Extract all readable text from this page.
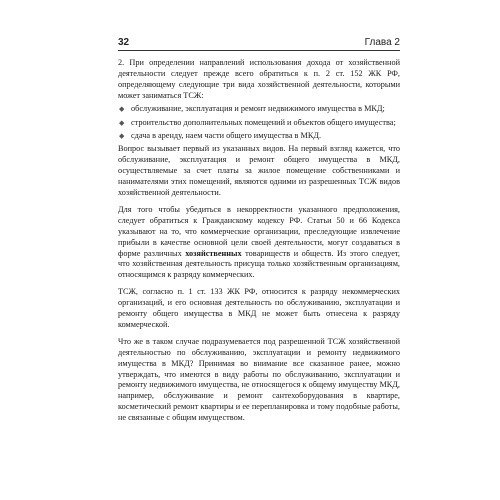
32	Глава 2

2. При определении направлений использования дохода от хозяйственной деятельности следует прежде всего обратиться к п. 2 ст. 152 ЖК РФ, определяющему следующие три вида хозяйственной деятельности, которыми может заниматься ТСЖ:

◆ обслуживание, эксплуатация и ремонт недвижимого имущества в МКД;
◆ строительство дополнительных помещений и объектов общего имущества;
◆ сдача в аренду, наем части общего имущества в МКД.

Вопрос вызывает первый из указанных видов. На первый взгляд кажется, что обслуживание, эксплуатация и ремонт общего имущества в МКД, осуществляемые за счет платы за жилое помещение собственниками и нанимателями этих помещений, являются одними из разрешенных ТСЖ видов хозяйственной деятельности.

Для того чтобы убедиться в некорректности указанного предположения, следует обратиться к Гражданскому кодексу РФ. Статьи 50 и 66 Кодекса указывают на то, что коммерческие организации, преследующие извлечение прибыли в качестве основной цели своей деятельности, могут создаваться в форме различных хозяйственных товариществ и обществ. Из этого следует, что хозяйственная деятельность присуща только хозяйственным организациям, относящимся к разряду коммерческих.

ТСЖ, согласно п. 1 ст. 133 ЖК РФ, относится к разряду некоммерческих организаций, и его основная деятельность по обслуживанию, эксплуатации и ремонту общего имущества в МКД не может быть отнесена к разряду коммерческой.

Что же в таком случае подразумевается под разрешенной ТСЖ хозяйственной деятельностью по обслуживанию, эксплуатации и ремонту недвижимого имущества в МКД? Принимая во внимание все сказанное ранее, можно утверждать, что имеются в виду работы по обслуживанию, эксплуатации и ремонту недвижимого имущества, не относящегося к общему имуществу МКД, например, обслуживание и ремонт сантехоборудования в квартире, косметический ремонт квартиры и ее перепланировка и тому подобные работы, не связанные с общим имуществом.
